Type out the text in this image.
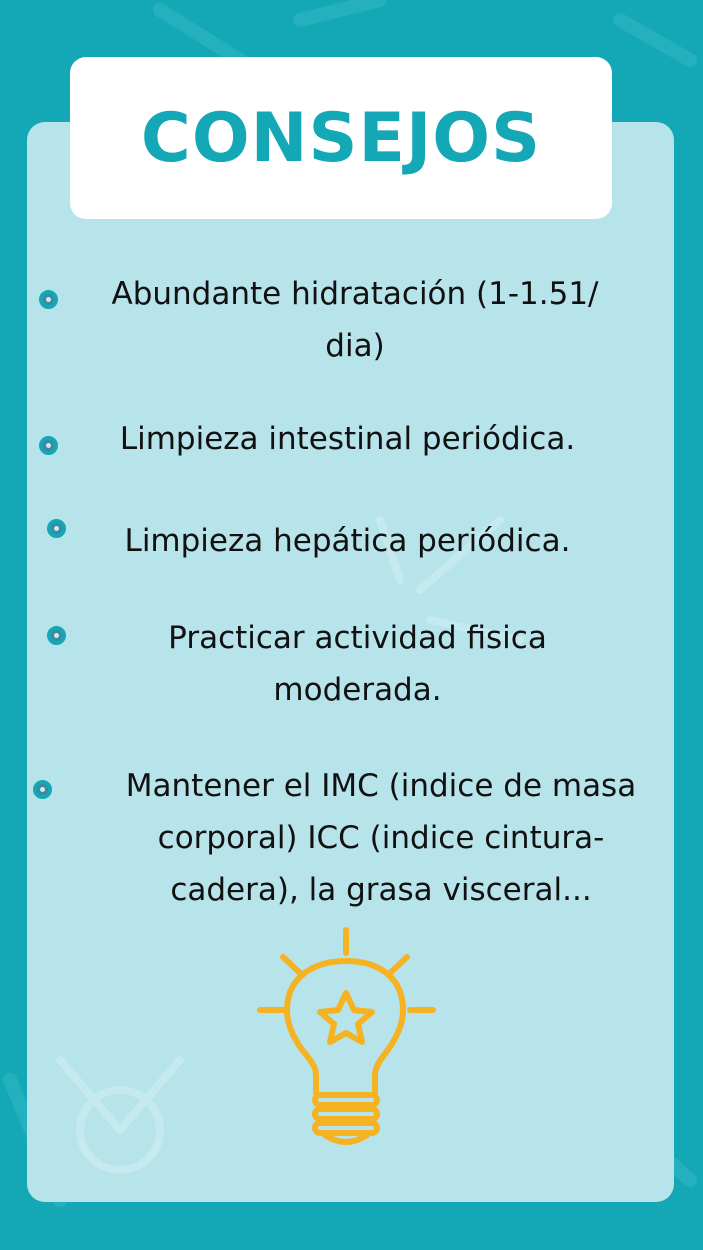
CONSEJOS
Abundante hidratación (1-1.51/
dia)
Limpieza intestinal periódica.
Limpieza hepática periódica.
Practicar actividad fisica
moderada.
Mantener el IMC (indice de masa
corporal) ICC (indice cintura-
cadera), la grasa visceral...
